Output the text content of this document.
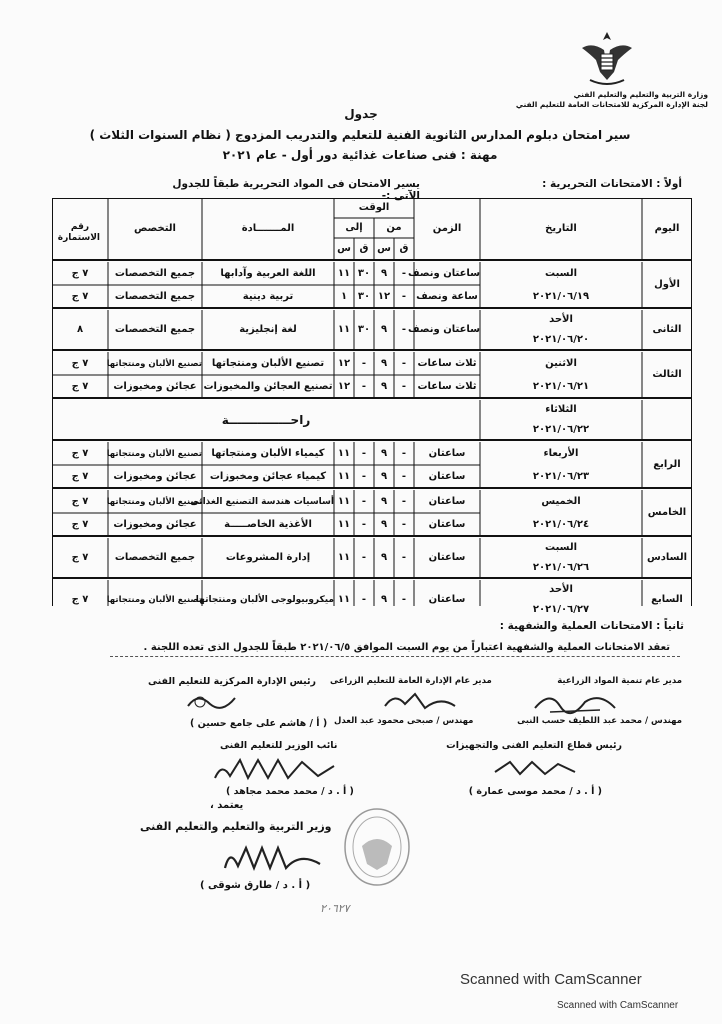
وزارة التربية والتعليم والتعليم الفني
لجنة الإدارة المركزية للامتحانات العامة للتعليم الفني
جدول
سير امتحان دبلوم المدارس الثانوية الفنية للتعليم والتدريب المزدوج ( نظام السنوات الثلاث )
مهنة : فنى صناعات غذائية دور أول - عام ٢٠٢١
أولاً : الامتحانات التحريرية :
يسير الامتحان فى المواد التحريرية طبقاً للجدول الآتى :-
اليوم
التاريخ
الزمن
الوقت
من
إلى
س ق س ق
المـــــــادة
التخصص
رقم الاستمارة
الأول
السبت
٢٠٢١/٠٦/١٩
ساعتان ونصف
-
٩
٣٠
١١
اللغة العربية وآدابها
جميع التخصصات
٧ ج
ساعة ونصف
-
١٢
٣٠
١
تربية دينية
جميع التخصصات
٧ ج
الثانى
الأحد
٢٠٢١/٠٦/٢٠
ساعتان ونصف
-
٩
٣٠
١١
لغة إنجليزية
جميع التخصصات
٨
الثالث
الاثنين
٢٠٢١/٠٦/٢١
ثلاث ساعات
-
٩
-
١٢
تصنيع الألبان ومنتجاتها
تصنيع الألبان ومنتجاتها
٧ ج
ثلاث ساعات
-
٩
-
١٢
تصنيع العجائن والمخبوزات
عجائن ومخبوزات
٧ ج
الثلاثاء
٢٠٢١/٠٦/٢٢
راحـــــــــــــــة
الرابع
الأربعاء
٢٠٢١/٠٦/٢٣
ساعتان
-
٩
-
١١
كيمياء الألبان ومنتجاتها
تصنيع الألبان ومنتجاتها
٧ ج
ساعتان
-
٩
-
١١
كيمياء عجائن ومخبوزات
عجائن ومخبوزات
٧ ج
الخامس
الخميس
٢٠٢١/٠٦/٢٤
ساعتان
-
٩
-
١١
أساسيات هندسة التصنيع الغذائى
تصنيع الألبان ومنتجاتها
٧ ج
ساعتان
-
٩
-
١١
الأغذية الخاصـــــة
عجائن ومخبوزات
٧ ج
السادس
السبت
٢٠٢١/٠٦/٢٦
ساعتان
-
٩
-
١١
إدارة المشروعات
جميع التخصصات
٧ ج
السابع
الأحد
٢٠٢١/٠٦/٢٧
ساعتان
-
٩
-
١١
ميكروبيولوجى الألبان ومنتجاتها
تصنيع الألبان ومنتجاتها
٧ ج
ثانياً : الامتحانات العملية والشفهية :
تعقد الامتحانات العملية والشفهية اعتباراً من يوم السبت الموافق ٢٠٢١/٠٦/٥ طبقاً للجدول الذى تعده اللجنة .
مدير عام تنمية المواد الزراعية
مهندس / محمد عبد اللطيف حسب النبى
مدير عام الإدارة العامة للتعليم الزراعى
مهندس / صبحى محمود عبد العدل
رئيس الإدارة المركزية للتعليم الفنى
( أ / هاشم على جامع حسين )
رئيس قطاع التعليم الفنى والتجهيزات
( أ . د / محمد موسى عمارة )
نائب الوزير للتعليم الفنى
( أ . د / محمد محمد مجاهد )
يعتمد ،
وزير التربية والتعليم والتعليم الفنى
( أ . د / طارق شوقى )
٢٠٦٢٧
Scanned with CamScanner
Scanned with CamScanner
